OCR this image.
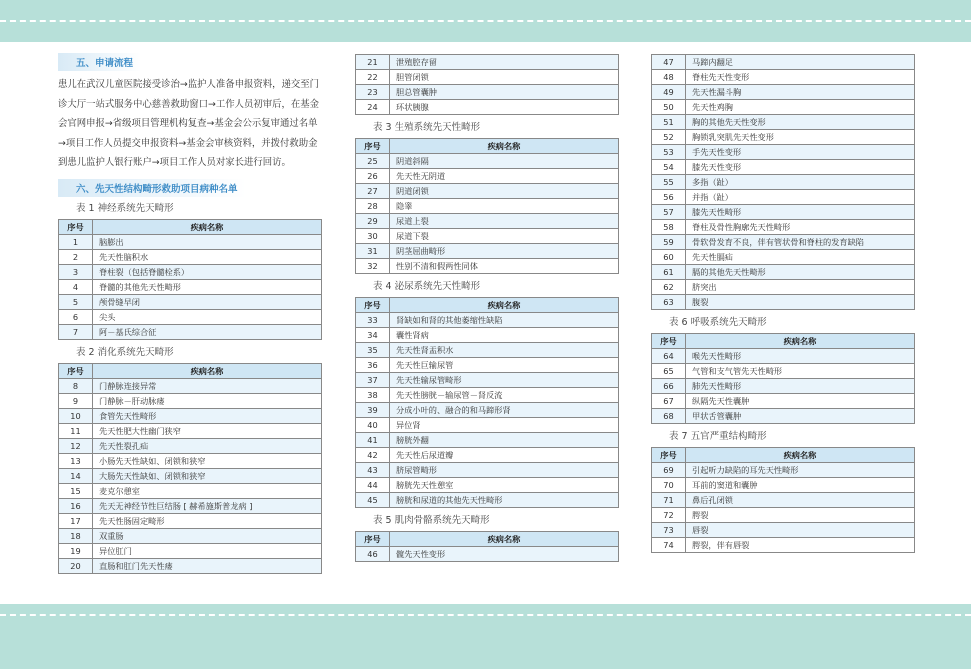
五、申请流程

患儿在武汉儿童医院接受诊治→监护人准备申报资料，递交至门诊大厅一站式服务中心慈善救助窗口→工作人员初审后，在基金会官网申报→省级项目管理机构复查→基金会公示复审通过名单→项目工作人员提交申报资料→基金会审核资料，并拨付救助金到患儿监护人银行账户→项目工作人员对家长进行回访。

六、先天性结构畸形救助项目病种名单

表 1 神经系统先天畸形

序号	疾病名称
1	脑膨出
2	先天性脑积水
3	脊柱裂（包括脊髓栓系）
4	脊髓的其他先天性畸形
5	颅骨缝早闭
6	尖头
7	阿－基氏综合征

表 2 消化系统先天畸形

序号	疾病名称
8	门静脉连接异常
9	门静脉－肝动脉瘘
10	食管先天性畸形
11	先天性肥大性幽门狭窄
12	先天性裂孔疝
13	小肠先天性缺如、闭锁和狭窄
14	大肠先天性缺如、闭锁和狭窄
15	麦克尔憩室
16	先天无神经节性巨结肠 [ 赫希施斯普龙病 ]
17	先天性肠固定畸形
18	双重肠
19	异位肛门
20	直肠和肛门先天性瘘
21	泄殖腔存留
22	胆管闭锁
23	胆总管囊肿
24	环状胰腺

表 3 生殖系统先天性畸形

序号	疾病名称
25	阴道斜隔
26	先天性无阴道
27	阴道闭锁
28	隐睾
29	尿道上裂
30	尿道下裂
31	阴茎屈曲畸形
32	性别不清和假两性同体

表 4 泌尿系统先天性畸形

序号	疾病名称
33	肾缺如和肾的其他萎缩性缺陷
34	囊性肾病
35	先天性肾盂积水
36	先天性巨输尿管
37	先天性输尿管畸形
38	先天性膀胱－输尿管－肾反流
39	分成小叶的、融合的和马蹄形肾
40	异位肾
41	膀胱外翻
42	先天性后尿道瓣
43	脐尿管畸形
44	膀胱先天性憩室
45	膀胱和尿道的其他先天性畸形

表 5 肌肉骨骼系统先天畸形

序号	疾病名称
46	髋先天性变形
47	马蹄内翻足
48	脊柱先天性变形
49	先天性漏斗胸
50	先天性鸡胸
51	胸的其他先天性变形
52	胸锁乳突肌先天性变形
53	手先天性变形
54	膝先天性变形
55	多指（趾）
56	并指（趾）
57	膝先天性畸形
58	脊柱及骨性胸廓先天性畸形
59	骨软骨发育不良，伴有管状骨和脊柱的发育缺陷
60	先天性膈疝
61	膈的其他先天性畸形
62	脐突出
63	腹裂

表 6 呼吸系统先天畸形

序号	疾病名称
64	喉先天性畸形
65	气管和支气管先天性畸形
66	肺先天性畸形
67	纵隔先天性囊肿
68	甲状舌管囊肿

表 7 五官严重结构畸形

序号	疾病名称
69	引起听力缺陷的耳先天性畸形
70	耳前的窦道和囊肿
71	鼻后孔闭锁
72	腭裂
73	唇裂
74	腭裂，伴有唇裂
